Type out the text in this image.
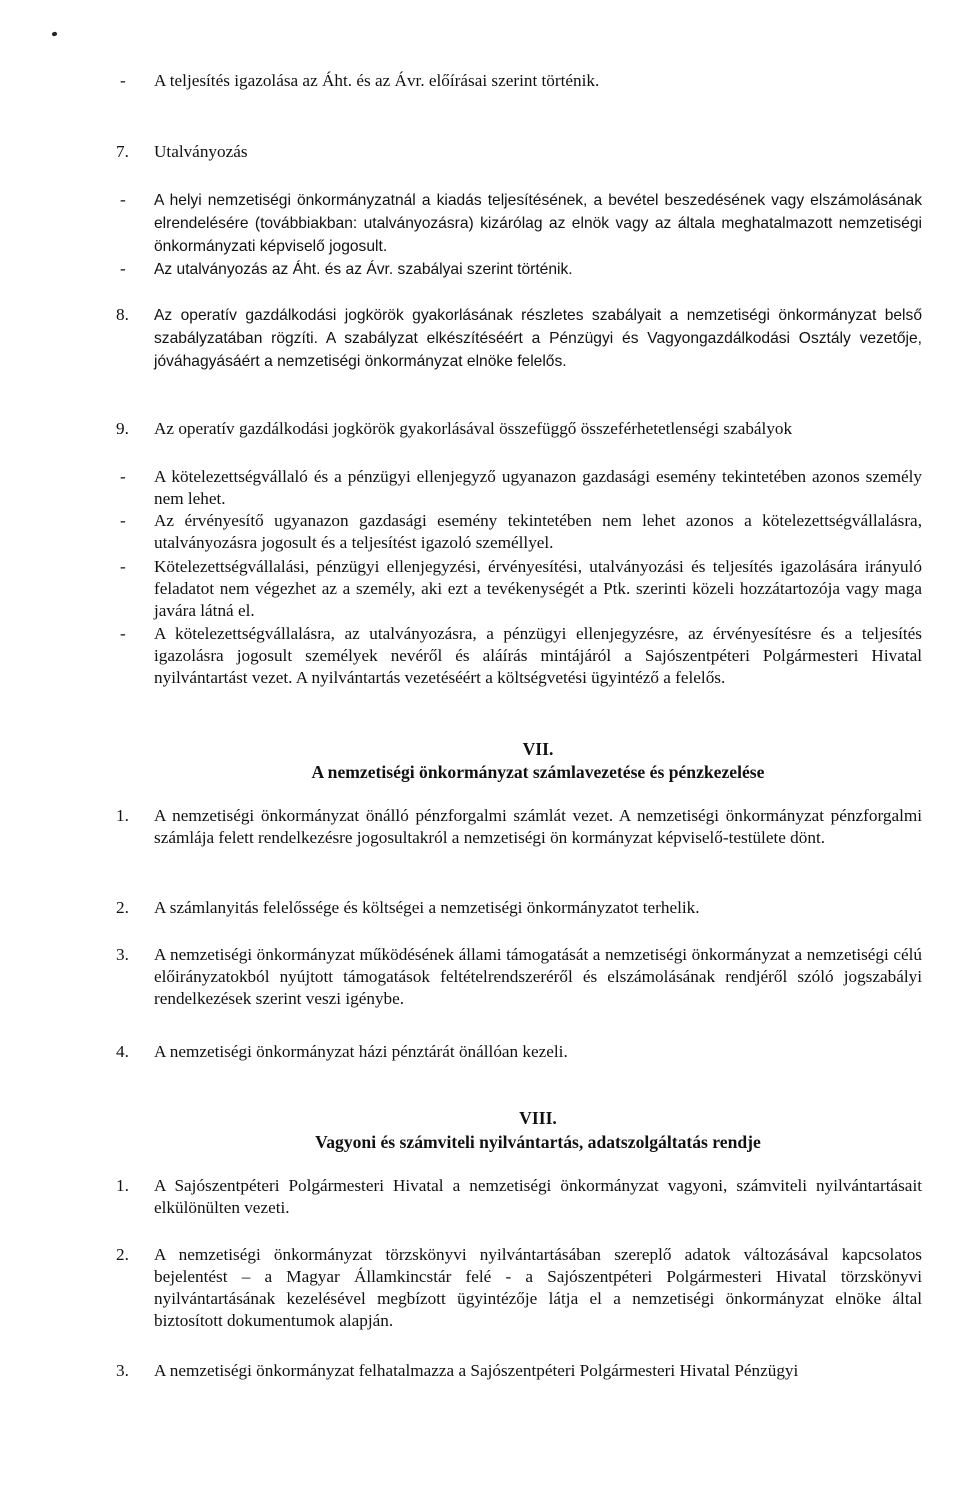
-	A teljesítés igazolása az Áht. és az Ávr. előírásai szerint történik.
7.	Utalványozás
-	A helyi nemzetiségi önkormányzatnál a kiadás teljesítésének, a bevétel beszedésének vagy elszámolásának elrendelésére (továbbiakban: utalványozásra) kizárólag az elnök vagy az általa meghatalmazott nemzetiségi önkormányzati képviselő jogosult.
-	Az utalványozás az Áht. és az Ávr. szabályai szerint történik.
8.	Az operatív gazdálkodási jogkörök gyakorlásának részletes szabályait a nemzetiségi önkormányzat belső szabályzatában rögzíti. A szabályzat elkészítéséért a Pénzügyi és Vagyongazdálkodási Osztály vezetője, jóváhagyásáért a nemzetiségi önkormányzat elnöke felelős.
9.	Az operatív gazdálkodási jogkörök gyakorlásával összefüggő összeférhetetlenségi szabályok
-	A kötelezettségvállaló és a pénzügyi ellenjegyző ugyanazon gazdasági esemény tekintetében azonos személy nem lehet.
-	Az érvényesítő ugyanazon gazdasági esemény tekintetében nem lehet azonos a kötelezettségvállalásra, utalványozásra jogosult és a teljesítést igazoló személlyel.
-	Kötelezettségvállalási, pénzügyi ellenjegyzési, érvényesítési, utalványozási és teljesítés igazolására irányuló feladatot nem végezhet az a személy, aki ezt a tevékenységét a Ptk. szerinti közeli hozzátartozója vagy maga javára látná el.
-	A kötelezettségvállalásra, az utalványozásra, a pénzügyi ellenjegyzésre, az érvényesítésre és a teljesítés igazolásra jogosult személyek nevéről és aláírás mintájáról a Sajószentpéteri Polgármesteri Hivatal nyilvántartást vezet. A nyilvántartás vezetéséért a költségvetési ügyintéző a felelős.
VII.
A nemzetiségi önkormányzat számlavezetése és pénzkezelése
1.	A nemzetiségi önkormányzat önálló pénzforgalmi számlát vezet. A nemzetiségi önkormányzat pénzforgalmi számlája felett rendelkezésre jogosultakról a nemzetiségi ön kormányzat képviselő-testülete dönt.
2.	A számlanyitás felelőssége és költségei a nemzetiségi önkormányzatot terhelik.
3.	A nemzetiségi önkormányzat működésének állami támogatását a nemzetiségi önkormányzat a nemzetiségi célú előirányzatokból nyújtott támogatások feltételrendszeréről és elszámolásának rendjéről szóló jogszabályi rendelkezések szerint veszi igénybe.
4.	A nemzetiségi önkormányzat házi pénztárát önállóan kezeli.
VIII.
Vagyoni és számviteli nyilvántartás, adatszolgáltatás rendje
1.	A Sajószentpéteri Polgármesteri Hivatal a nemzetiségi önkormányzat vagyoni, számviteli nyilvántartásait elkülönülten vezeti.
2.	A nemzetiségi önkormányzat törzskönyvi nyilvántartásában szereplő adatok változásával kapcsolatos bejelentést – a Magyar Államkincstár felé - a Sajószentpéteri Polgármesteri Hivatal törzskönyvi nyilvántartásának kezelésével megbízott ügyintézője látja el a nemzetiségi önkormányzat elnöke által biztosított dokumentumok alapján.
3.	A nemzetiségi önkormányzat felhatalmazza a Sajószentpéteri Polgármesteri Hivatal Pénzügyi
